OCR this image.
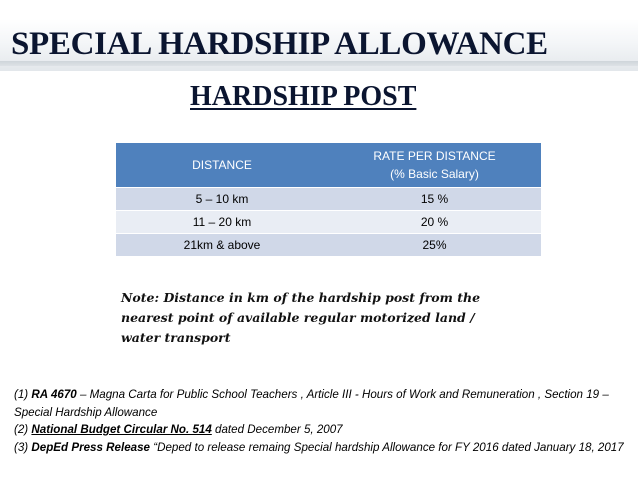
SPECIAL HARDSHIP ALLOWANCE
HARDSHIP POST
DISTANCE	RATE PER DISTANCE
(% Basic Salary)

5 – 10 km	15 %
11 – 20 km	20 %
21km & above	25%
Note: Distance in km of the hardship post from the nearest point of available regular motorized land / water transport
(1) RA 4670 – Magna Carta for Public School Teachers , Article III - Hours of Work and Remuneration , Section 19 – Special Hardship Allowance
(2) National Budget Circular No. 514 dated December 5, 2007
(3) DepEd Press Release “Deped to release remaing Special hardship Allowance for FY 2016 dated January 18, 2017
